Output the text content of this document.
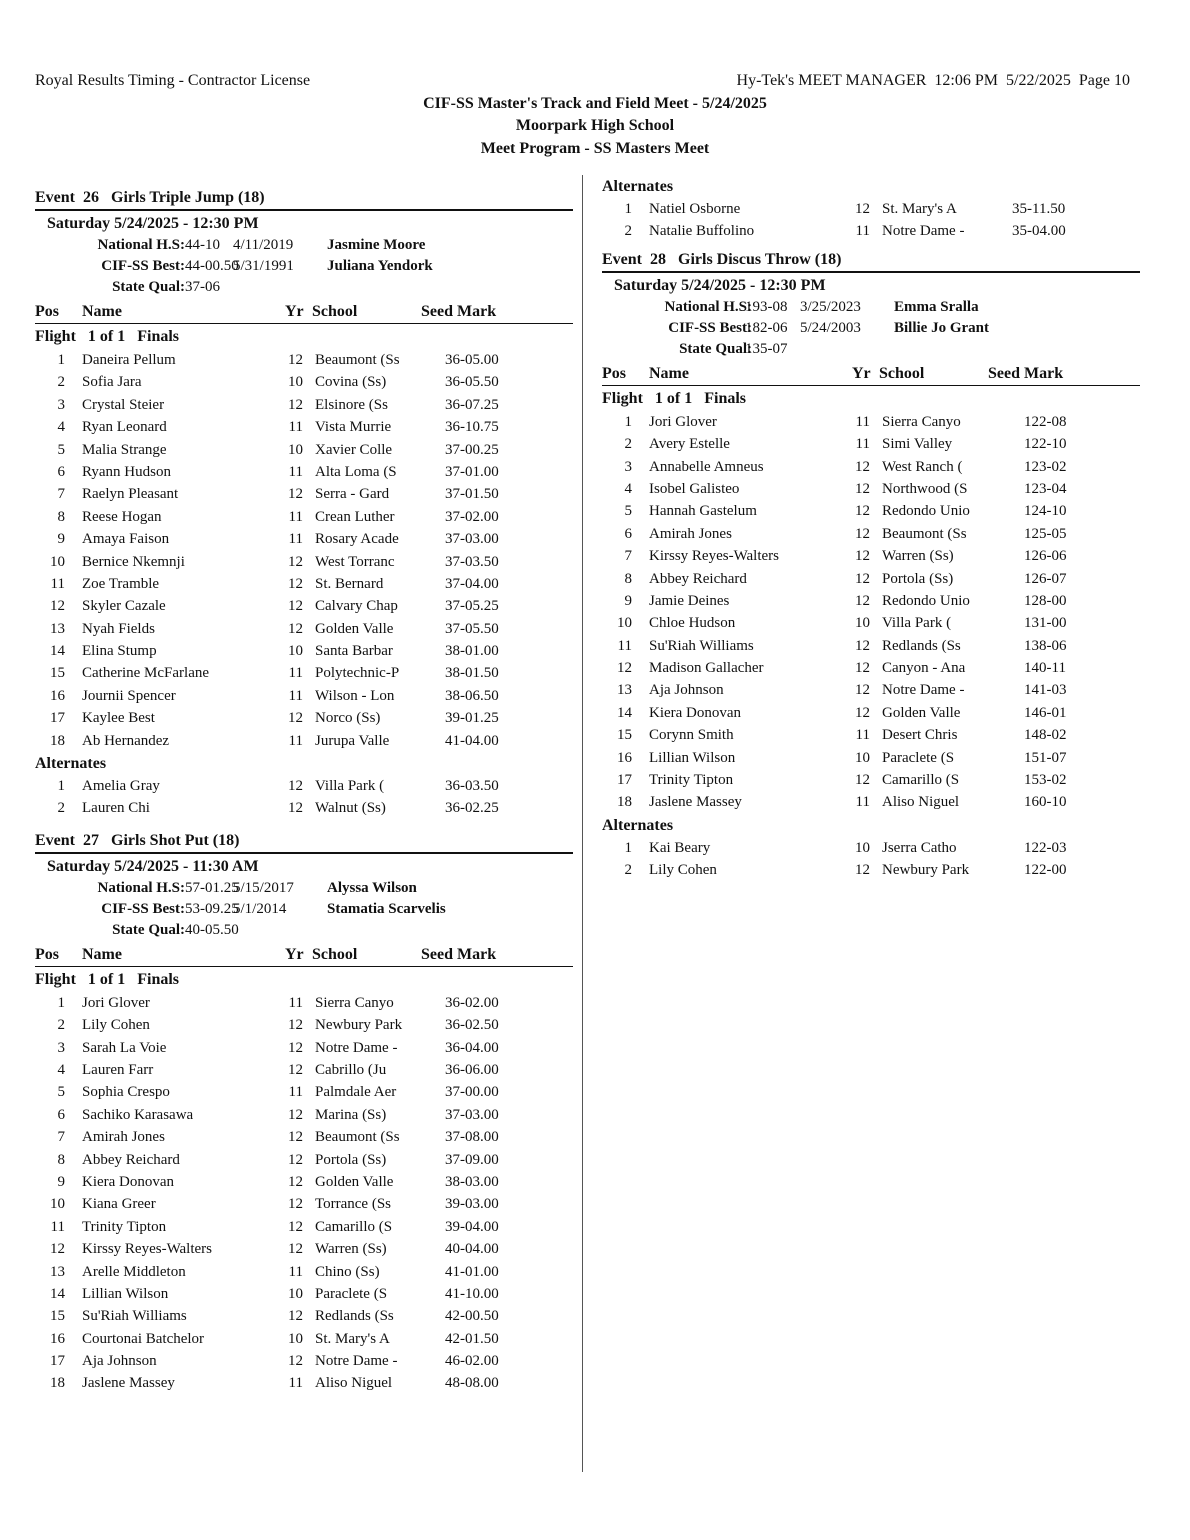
Royal Results Timing - Contractor License	Hy-Tek's MEET MANAGER  12:06 PM  5/22/2025  Page 10
CIF-SS Master's Track and Field Meet - 5/24/2025
Moorpark High School
Meet Program - SS Masters Meet
Event  26   Girls Triple Jump (18)
Saturday 5/24/2025 - 12:30 PM
National H.S: 44-10 4/11/2019 Jasmine Moore
CIF-SS Best: 44-00.50
5/31/1991 Juliana Yendork
State Qual: 37-06
Pos	Name	Yr School	Seed Mark
Flight   1 of 1   Finals
1 Daneira Pellum	12 Beaumont (Ss	36-05.00
2 Sofia Jara	10 Covina (Ss)	36-05.50
3 Crystal Steier	12 Elsinore (Ss	36-07.25
4 Ryan Leonard	11 Vista Murrie	36-10.75
5 Malia Strange	10 Xavier Colle	37-00.25
6 Ryann Hudson	11 Alta Loma (S	37-01.00
7 Raelyn Pleasant	12 Serra - Gard	37-01.50
8 Reese Hogan	11 Crean Luther	37-02.00
9 Amaya Faison	11 Rosary Acade	37-03.00
10 Bernice Nkemnji	12 West Torranc	37-03.50
11 Zoe Tramble	12 St. Bernard	37-04.00
12 Skyler Cazale	12 Calvary Chap	37-05.25
13 Nyah Fields	12 Golden Valle	37-05.50
14 Elina Stump	10 Santa Barbar	38-01.00
15 Catherine McFarlane	11 Polytechnic-P	38-01.50
16 Journii Spencer	11 Wilson - Lon	38-06.50
17 Kaylee Best	12 Norco (Ss)	39-01.25
18 Ab Hernandez	11 Jurupa Valle	41-04.00
Alternates
1 Amelia Gray	12 Villa Park (	36-03.50
2 Lauren Chi	12 Walnut (Ss)	36-02.25
Event  27   Girls Shot Put (18)
Saturday 5/24/2025 - 11:30 AM
National H.S: 57-01.25
5/15/2017 Alyssa Wilson
CIF-SS Best: 53-09.25
5/1/2014	Stamatia Scarvelis
State Qual: 40-05.50
Pos	Name	Yr School	Seed Mark
Flight   1 of 1   Finals
1 Jori Glover	11 Sierra Canyo	36-02.00
2 Lily Cohen	12 Newbury Park	36-02.50
3 Sarah La Voie	12 Notre Dame -	36-04.00
4 Lauren Farr	12 Cabrillo (Ju	36-06.00
5 Sophia Crespo	11 Palmdale Aer	37-00.00
6 Sachiko Karasawa	12 Marina (Ss)	37-03.00
7 Amirah Jones	12 Beaumont (Ss	37-08.00
8 Abbey Reichard	12 Portola (Ss)	37-09.00
9 Kiera Donovan	12 Golden Valle	38-03.00
10 Kiana Greer	12 Torrance (Ss	39-03.00
11 Trinity Tipton	12 Camarillo (S	39-04.00
12 Kirssy Reyes-Walters	12 Warren (Ss)	40-04.00
13 Arelle Middleton	11 Chino (Ss)	41-01.00
14 Lillian Wilson	10 Paraclete (S	41-10.00
15 Su'Riah Williams	12 Redlands (Ss	42-00.50
16 Courtonai Batchelor	10 St. Mary's A	42-01.50
17 Aja Johnson	12 Notre Dame -	46-02.00
18 Jaslene Massey	11 Aliso Niguel	48-08.00
Alternates
1 Natiel Osborne	12 St. Mary's A	35-11.50
2 Natalie Buffolino	11 Notre Dame -	35-04.00
Event  28   Girls Discus Throw (18)
Saturday 5/24/2025 - 12:30 PM
National H.S:
193-08 3/25/2023 Emma Sralla
CIF-SS Best:
182-06 5/24/2003 Billie Jo Grant
State Qual:
135-07
Pos	Name	Yr School	Seed Mark
Flight   1 of 1   Finals
1 Jori Glover	11 Sierra Canyo	122-08
2 Avery Estelle	11 Simi Valley	122-10
3 Annabelle Amneus	12 West Ranch (	123-02
4 Isobel Galisteo	12 Northwood (S	123-04
5 Hannah Gastelum	12 Redondo Unio	124-10
6 Amirah Jones	12 Beaumont (Ss	125-05
7 Kirssy Reyes-Walters	12 Warren (Ss)	126-06
8 Abbey Reichard	12 Portola (Ss)	126-07
9 Jamie Deines	12 Redondo Unio	128-00
10 Chloe Hudson	10 Villa Park (	131-00
11 Su'Riah Williams	12 Redlands (Ss	138-06
12 Madison Gallacher	12 Canyon - Ana	140-11
13 Aja Johnson	12 Notre Dame -	141-03
14 Kiera Donovan	12 Golden Valle	146-01
15 Corynn Smith	11 Desert Chris	148-02
16 Lillian Wilson	10 Paraclete (S	151-07
17 Trinity Tipton	12 Camarillo (S	153-02
18 Jaslene Massey	11 Aliso Niguel	160-10
Alternates
1 Kai Beary	10 Jserra Catho	122-03
2 Lily Cohen	12 Newbury Park	122-00
